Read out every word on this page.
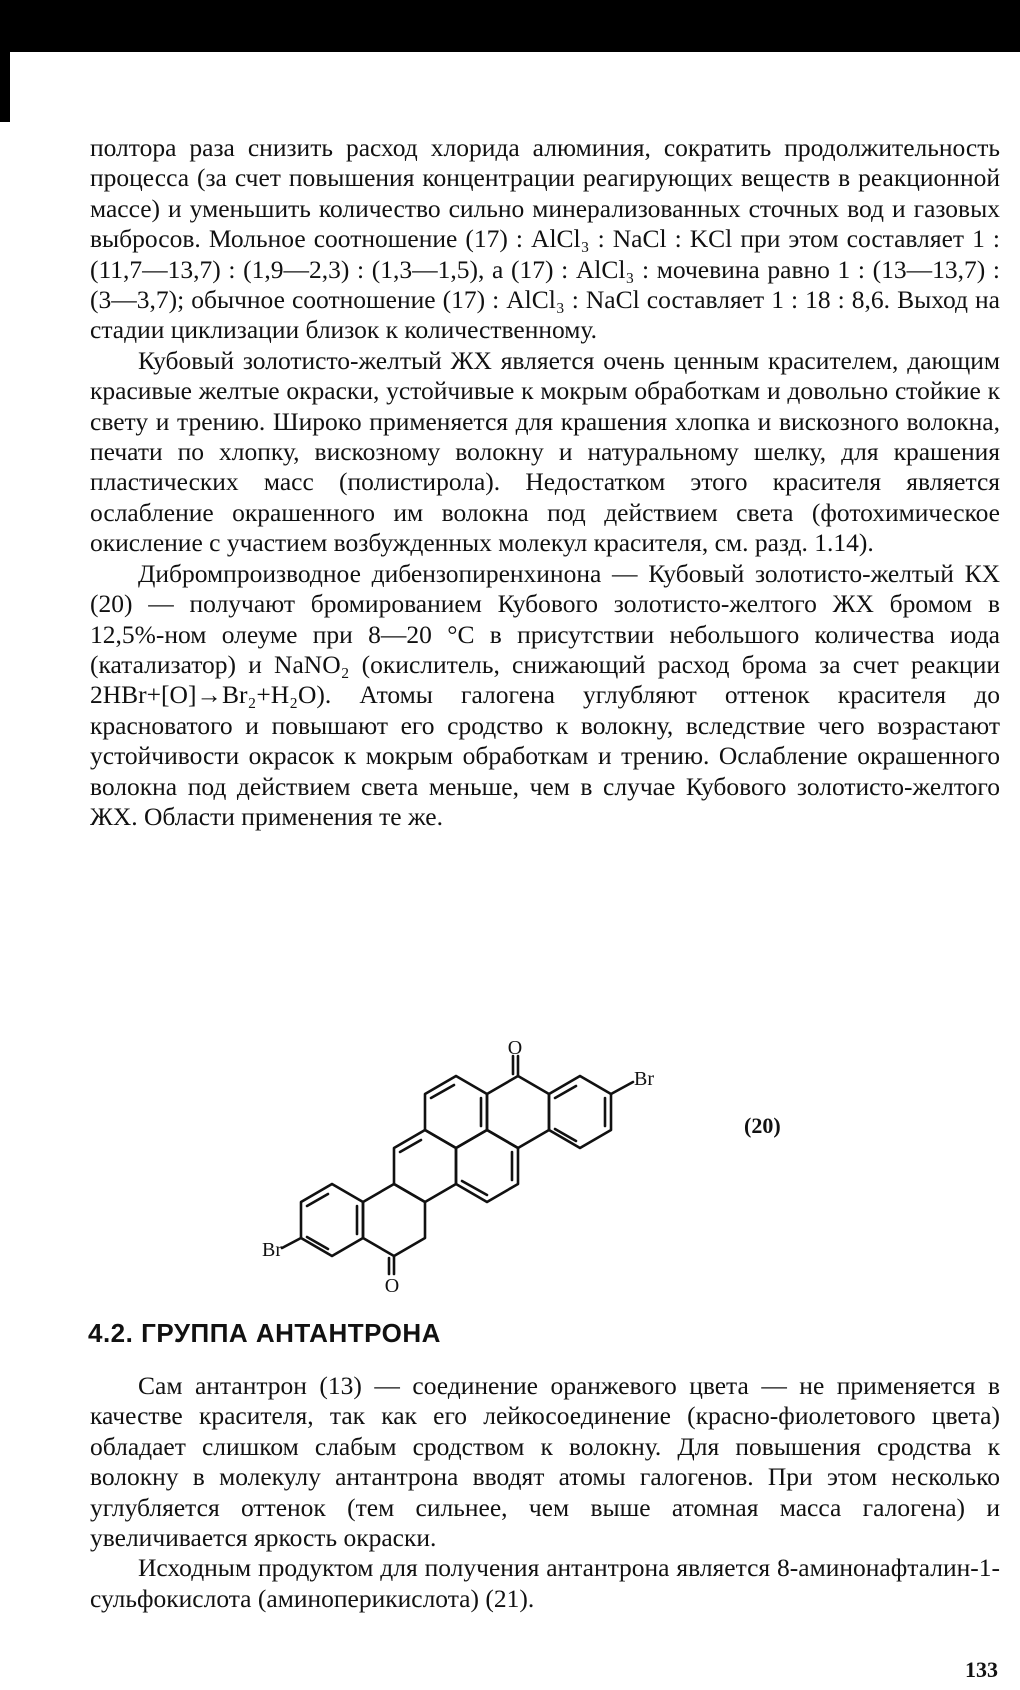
полтора раза снизить расход хлорида алюминия, сократить продолжительность процесса (за счет повышения концентрации реагирующих веществ в реакционной массе) и уменьшить количество сильно минерализованных сточных вод и газовых выбросов. Мольное соотношение (17) : AlCl₃ : NaCl : KCl при этом составляет 1 : (11,7—13,7) : (1,9—2,3) : (1,3—1,5), а (17) : AlCl₃ : мочевина равно 1 : (13—13,7) : (3—3,7); обычное соотношение (17) : AlCl₃ : NaCl составляет 1 : 18 : 8,6. Выход на стадии циклизации близок к количественному.

Кубовый золотисто-желтый ЖХ является очень ценным красителем, дающим красивые желтые окраски, устойчивые к мокрым обработкам и довольно стойкие к свету и трению. Широко применяется для крашения хлопка и вискозного волокна, печати по хлопку, вискозному волокну и натуральному шелку, для крашения пластических масс (полистирола). Недостатком этого красителя является ослабление окрашенного им волокна под действием света (фотохимическое окисление с участием возбужденных молекул красителя, см. разд. 1.14).

Дибромпроизводное дибензопиренхинона — Кубовый золотисто-желтый КХ (20) — получают бромированием Кубового золотисто-желтого ЖХ бромом в 12,5%-ном олеуме при 8—20 °С в присутствии небольшого количества иода (катализатор) и NaNO₂ (окислитель, снижающий расход брома за счет реакции 2HBr+[O]→Br₂+H₂O). Атомы галогена углубляют оттенок красителя до красноватого и повышают его сродство к волокну, вследствие чего возрастают устойчивости окрасок к мокрым обработкам и трению. Ослабление окрашенного волокна под действием света меньше, чем в случае Кубового золотисто-желтого ЖХ. Области применения те же.

O
O
Br
Br
(20)
4.2. ГРУППА АНТАНТРОНА

Сам антантрон (13) — соединение оранжевого цвета — не применяется в качестве красителя, так как его лейкосоединение (красно-фиолетового цвета) обладает слишком слабым сродством к волокну. Для повышения сродства к волокну в молекулу антантрона вводят атомы галогенов. При этом несколько углубляется оттенок (тем сильнее, чем выше атомная масса галогена) и увеличивается яркость окраски.

Исходным продуктом для получения антантрона является 8-аминонафталин-1-сульфокислота (аминоперикислота) (21).

133
